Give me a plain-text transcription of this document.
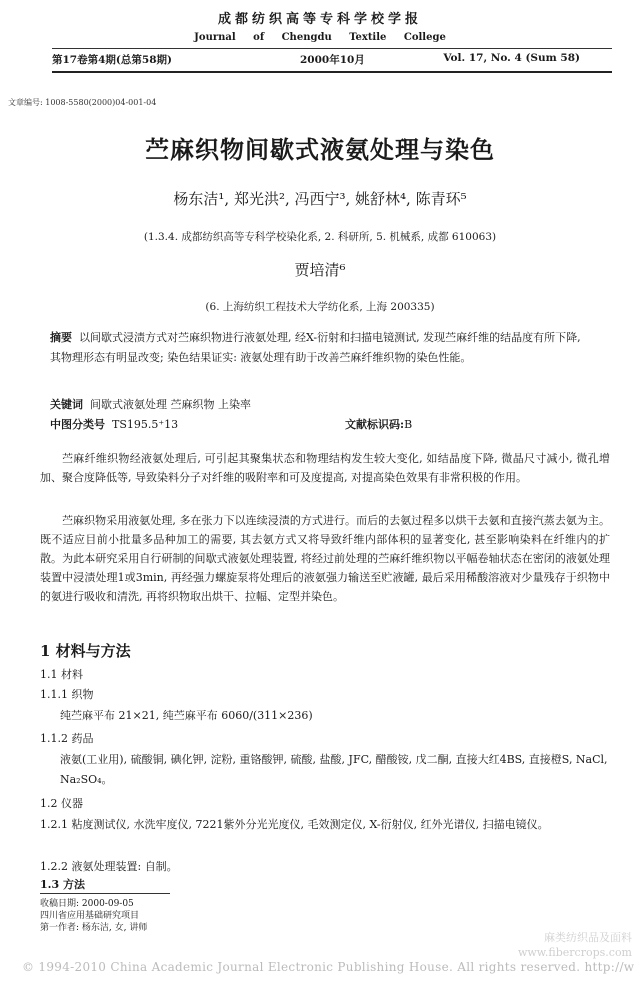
成都纺织高等专科学校学报
Journal of Chengdu Textile College
第17卷第4期(总第58期)	2000年10月	Vol. 17, No. 4 (Sum 58)
文章编号: 1008-5580(2000)04-001-04
苎麻织物间歇式液氨处理与染色
杨东洁¹, 郑光洪², 冯西宁³, 姚舒林⁴, 陈青环⁵
(1.3.4. 成都纺织高等专科学校染化系, 2. 科研所, 5. 机械系, 成都 610063)
贾培清⁶
(6. 上海纺织工程技术大学纺化系, 上海 200335)
摘要 以间歇式浸渍方式对苎麻织物进行液氨处理, 经X-衍射和扫描电镜测试, 发现苎麻纤维的结晶度有所下降, 其物理形态有明显改变; 染色结果证实: 液氨处理有助于改善苎麻纤维织物的染色性能。
关键词 间歇式液氨处理 苎麻织物 上染率
中图分类号 TS195.5⁺13	文献标识码:B
苎麻纤维织物经液氨处理后, 可引起其聚集状态和物理结构发生较大变化, 如结晶度下降, 微晶尺寸减小, 微孔增加、聚合度降低等, 导致染料分子对纤维的吸附率和可及度提高, 对提高染色效果有非常积极的作用。
苎麻织物采用液氨处理, 多在张力下以连续浸渍的方式进行。而后的去氨过程多以烘干去氨和直接汽蒸去氨为主。既不适应目前小批量多品种加工的需要, 其去氨方式又将导致纤维内部体积的显著变化, 甚至影响染料在纤维内的扩散。为此本研究采用自行研制的间歇式液氨处理装置, 将经过前处理的苎麻纤维织物以平幅卷轴状态在密闭的液氨处理装置中浸渍处理1或3min, 再经强力螺旋泵将处理后的液氨强力输送至贮液罐, 最后采用稀酸溶液对少量残存于织物中的氨进行吸收和清洗, 再将织物取出烘干、拉幅、定型并染色。
1 材料与方法
1.1 材料
1.1.1 织物
纯苎麻平布 21×21, 纯苎麻平布 6060/(311×236)
1.1.2 药品
液氨(工业用), 硫酸铜, 碘化钾, 淀粉, 重铬酸钾, 硫酸, 盐酸, JFC, 醋酸铵, 戊二酮, 直接大红4BS, 直接橙S, NaCl, Na₂SO₄。
1.2 仪器
1.2.1 粘度测试仪, 水洗牢度仪, 7221紫外分光光度仪, 毛效测定仪, X-衍射仪, 红外光谱仪, 扫描电镜仪。
1.2.2 液氨处理装置: 自制。
1.3 方法
收稿日期: 2000-09-05
四川省应用基础研究项目
第一作者: 杨东洁, 女, 讲师
麻类纺织品及面料
www.fibercrops.com
© 1994-2010 China Academic Journal Electronic Publishing House. All rights reserved. http://w
